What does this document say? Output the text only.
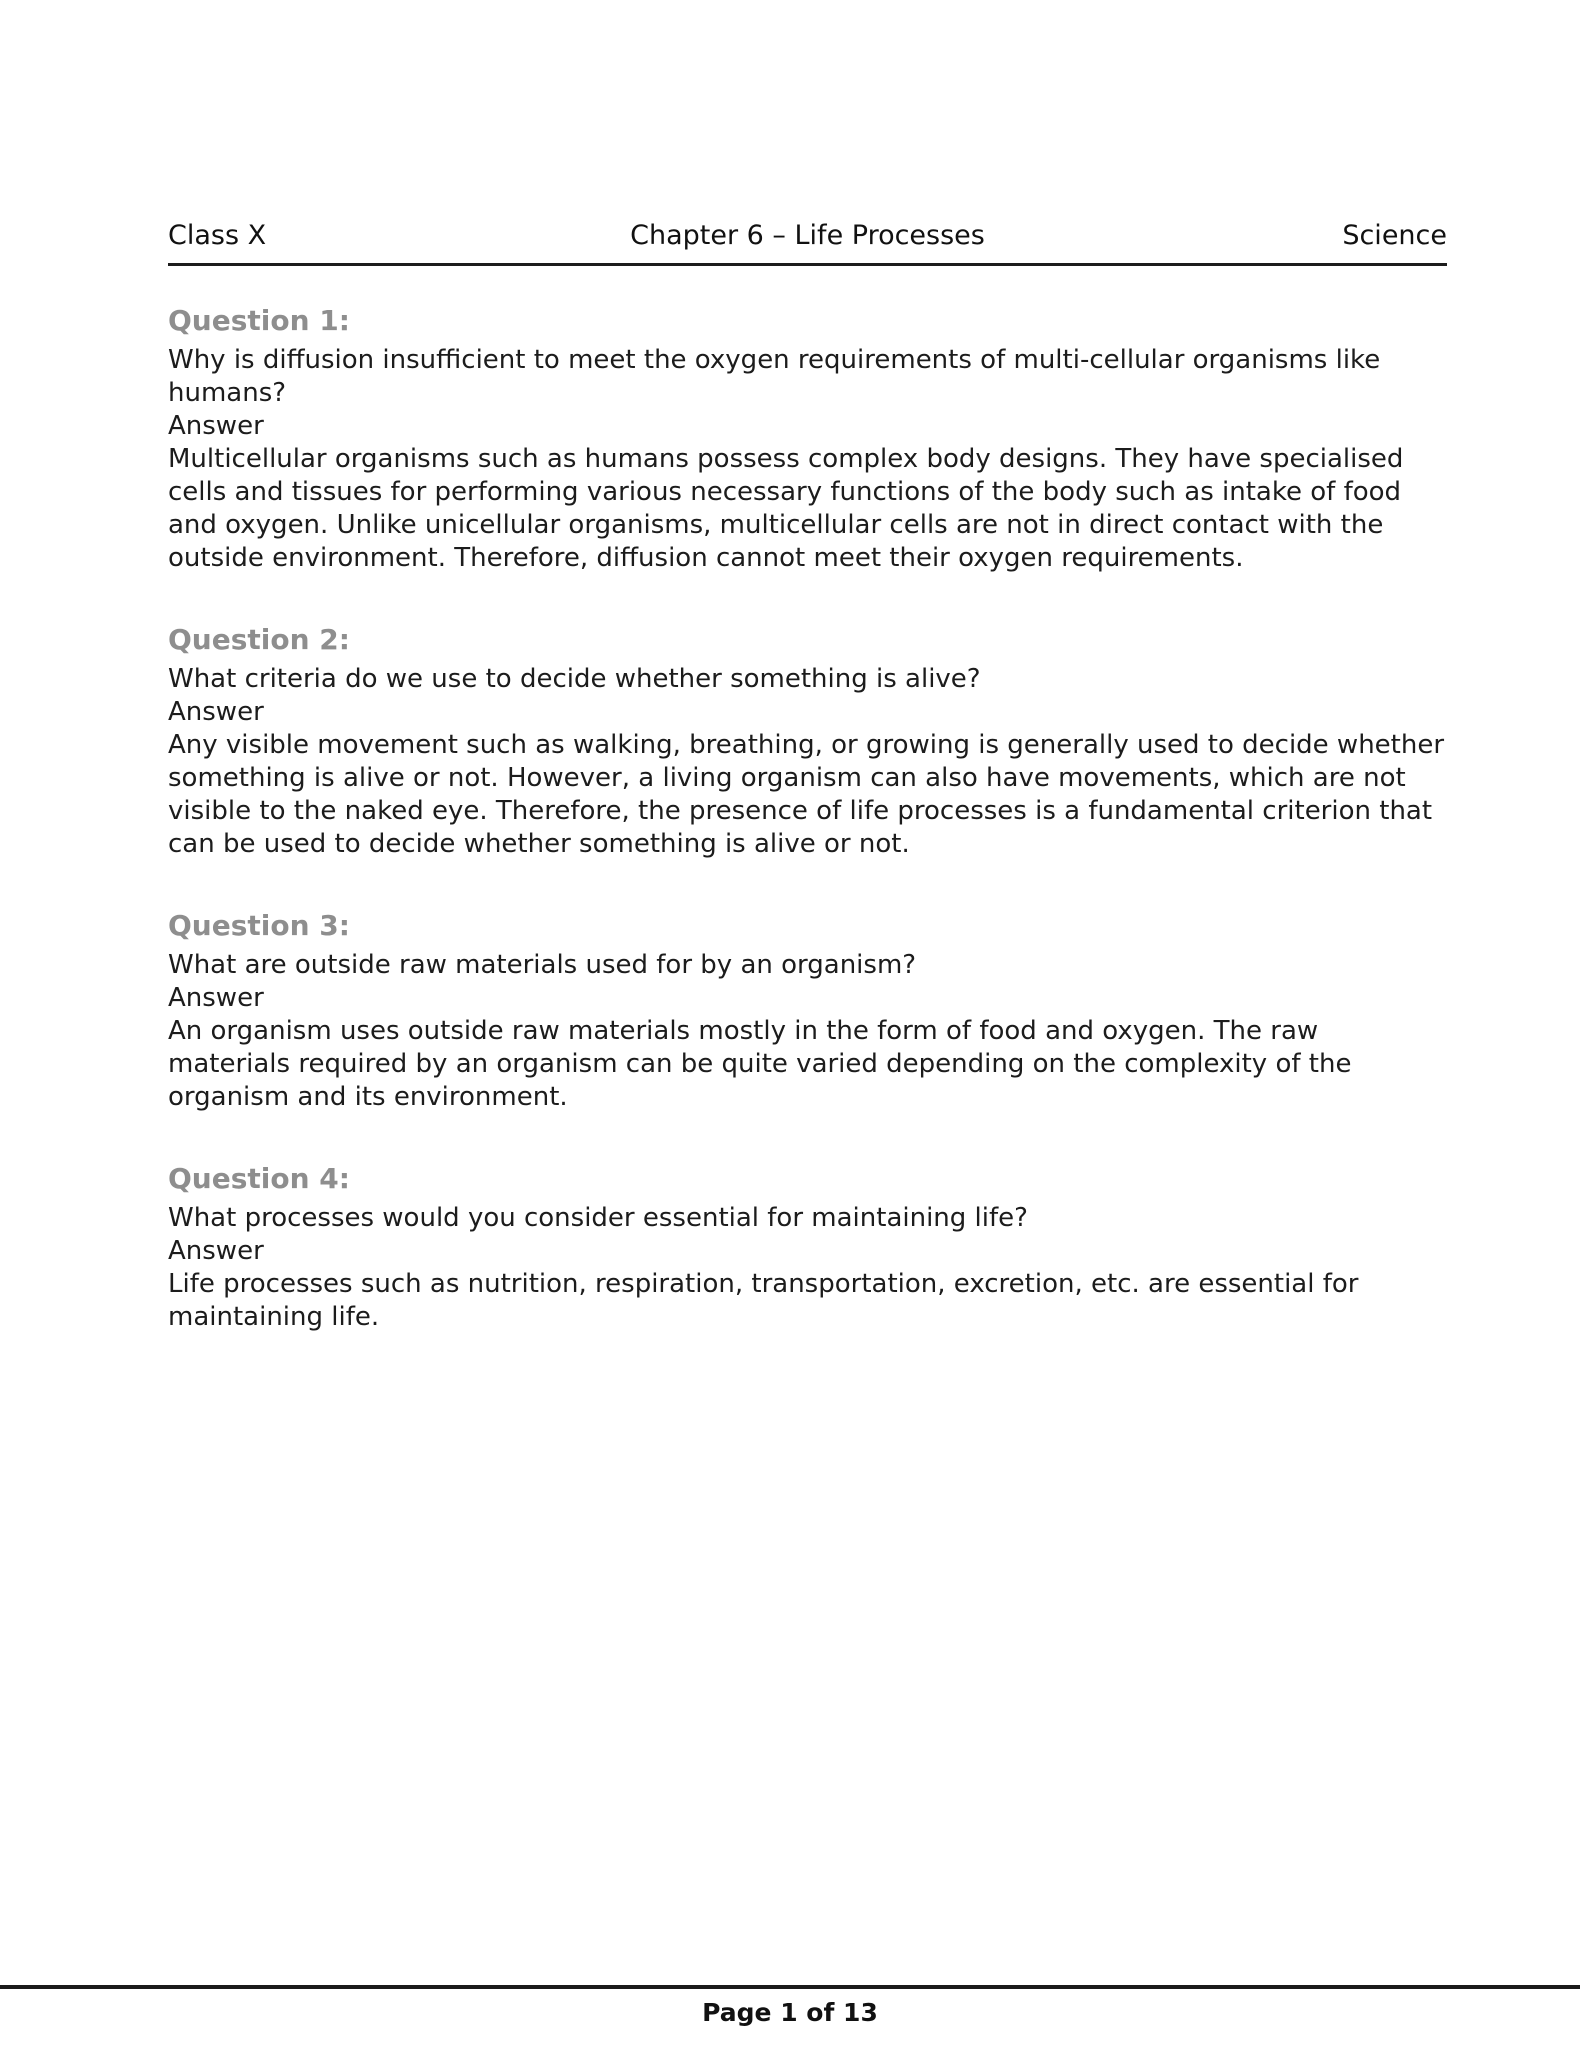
Class X	Chapter 6 – Life Processes	Science

Question 1:

Why is diffusion insufficient to meet the oxygen requirements of multi-cellular organisms like humans?

Answer

Multicellular organisms such as humans possess complex body designs. They have specialised cells and tissues for performing various necessary functions of the body such as intake of food and oxygen. Unlike unicellular organisms, multicellular cells are not in direct contact with the outside environment. Therefore, diffusion cannot meet their oxygen requirements.

Question 2:

What criteria do we use to decide whether something is alive?

Answer

Any visible movement such as walking, breathing, or growing is generally used to decide whether something is alive or not. However, a living organism can also have movements, which are not visible to the naked eye. Therefore, the presence of life processes is a fundamental criterion that can be used to decide whether something is alive or not.

Question 3:

What are outside raw materials used for by an organism?

Answer

An organism uses outside raw materials mostly in the form of food and oxygen. The raw materials required by an organism can be quite varied depending on the complexity of the organism and its environment.

Question 4:

What processes would you consider essential for maintaining life?

Answer

Life processes such as nutrition, respiration, transportation, excretion, etc. are essential for maintaining life.

Page 1 of 13
